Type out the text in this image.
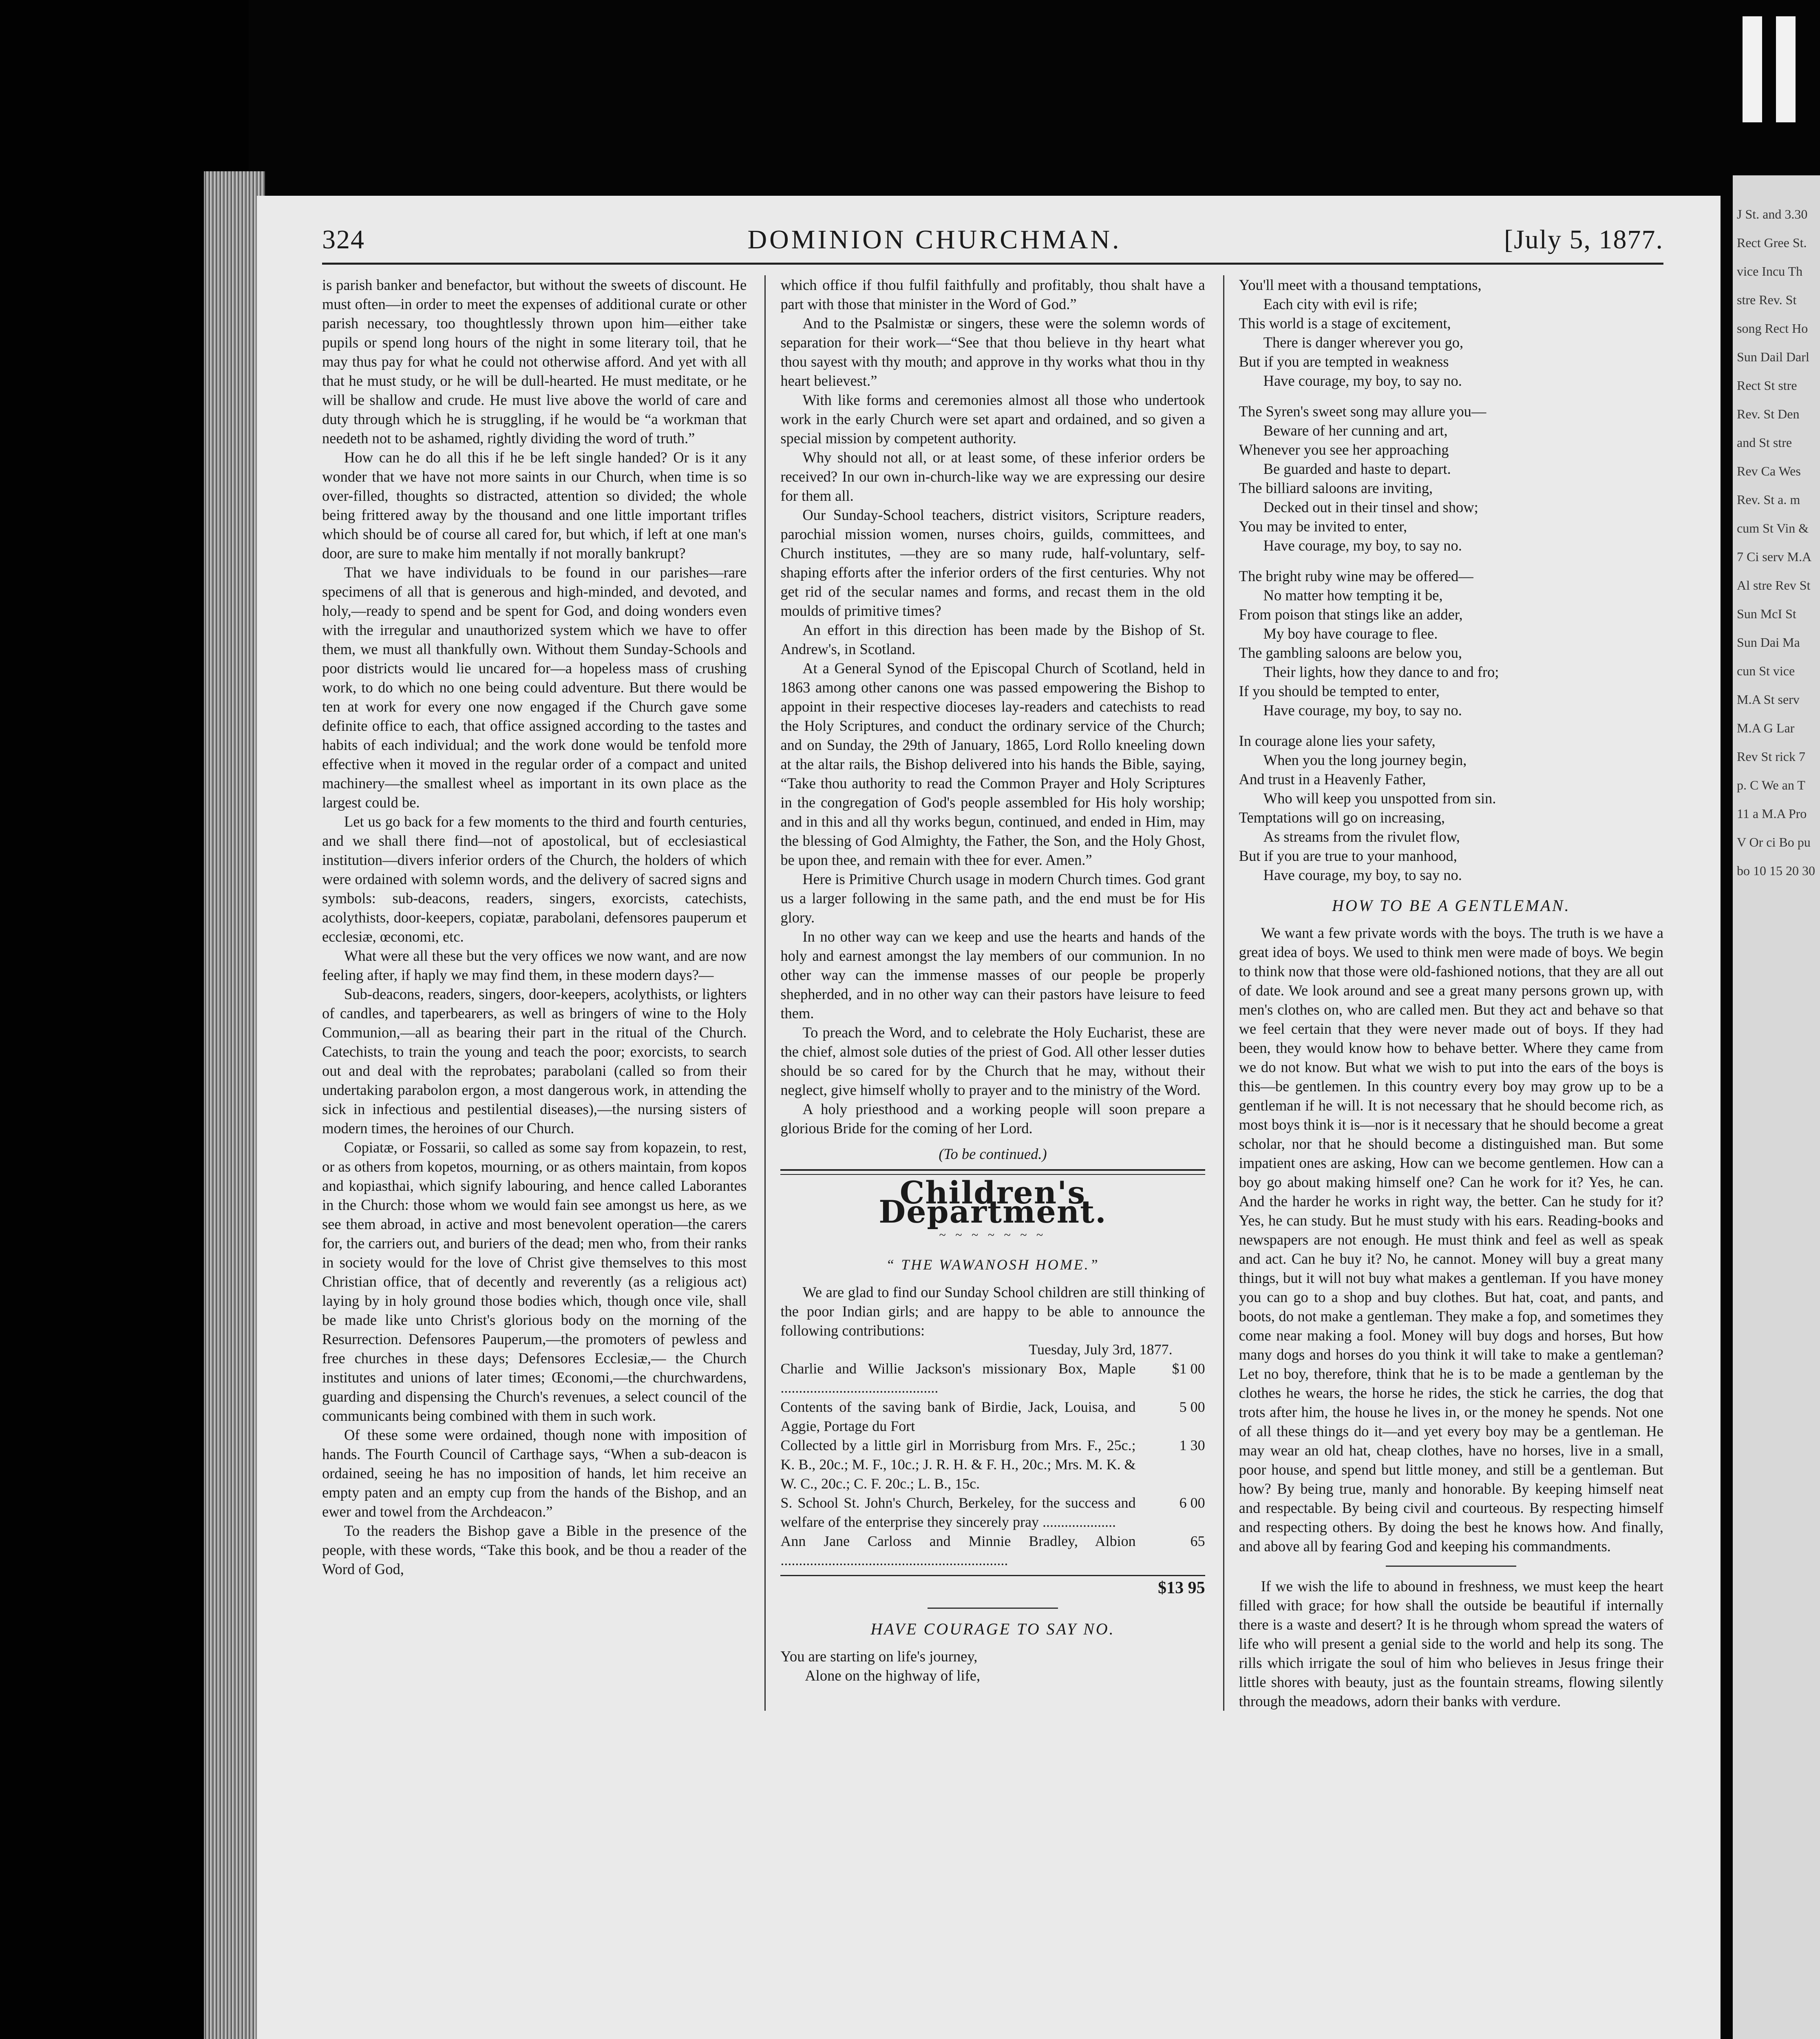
J St. and 3.30 Rect Gree St. vice Incu Th stre Rev. St song Rect Ho Sun Dail Darl Rect St stre Rev. St Den and St stre Rev Ca Wes Rev. St a. m cum St Vin & 7 Ci serv M.A Al stre Rev St Sun McI St Sun Dai Ma cun St vice M.A St serv M.A G Lar Rev St rick 7 p. C We an T 11 a M.A Pro V Or ci Bo pu bo 10 15 20 30
324	DOMINION CHURCHMAN.	[July 5, 1877.

is parish banker and benefactor, but without the sweets of discount. He must often—in order to meet the expenses of additional curate or other parish necessary, too thoughtlessly thrown upon him—either take pupils or spend long hours of the night in some literary toil, that he may thus pay for what he could not otherwise afford. And yet with all that he must study, or he will be dull-hearted. He must meditate, or he will be shallow and crude. He must live above the world of care and duty through which he is struggling, if he would be “a workman that needeth not to be ashamed, rightly dividing the word of truth.”

How can he do all this if he be left single handed? Or is it any wonder that we have not more saints in our Church, when time is so over-filled, thoughts so distracted, attention so divided; the whole being frittered away by the thousand and one little important trifles which should be of course all cared for, but which, if left at one man's door, are sure to make him mentally if not morally bankrupt?

That we have individuals to be found in our parishes—rare specimens of all that is generous and high-minded, and devoted, and holy,—ready to spend and be spent for God, and doing wonders even with the irregular and unauthorized system which we have to offer them, we must all thankfully own. Without them Sunday-Schools and poor districts would lie uncared for—a hopeless mass of crushing work, to do which no one being could adventure. But there would be ten at work for every one now engaged if the Church gave some definite office to each, that office assigned according to the tastes and habits of each individual; and the work done would be tenfold more effective when it moved in the regular order of a compact and united machinery—the smallest wheel as important in its own place as the largest could be.

Let us go back for a few moments to the third and fourth centuries, and we shall there find—not of apostolical, but of ecclesiastical institution—divers inferior orders of the Church, the holders of which were ordained with solemn words, and the delivery of sacred signs and symbols: sub-deacons, readers, singers, exorcists, catechists, acolythists, door-keepers, copiatæ, parabolani, defensores pauperum et ecclesiæ, œconomi, etc.

What were all these but the very offices we now want, and are now feeling after, if haply we may find them, in these modern days?—

Sub-deacons, readers, singers, door-keepers, acolythists, or lighters of candles, and taperbearers, as well as bringers of wine to the Holy Communion,—all as bearing their part in the ritual of the Church. Catechists, to train the young and teach the poor; exorcists, to search out and deal with the reprobates; parabolani (called so from their undertaking parabolon ergon, a most dangerous work, in attending the sick in infectious and pestilential diseases),—the nursing sisters of modern times, the heroines of our Church.

Copiatæ, or Fossarii, so called as some say from kopazein, to rest, or as others from kopetos, mourning, or as others maintain, from kopos and kopiasthai, which signify labouring, and hence called Laborantes in the Church: those whom we would fain see amongst us here, as we see them abroad, in active and most benevolent operation—the carers for, the carriers out, and buriers of the dead; men who, from their ranks in society would for the love of Christ give themselves to this most Christian office, that of decently and reverently (as a religious act) laying by in holy ground those bodies which, though once vile, shall be made like unto Christ's glorious body on the morning of the Resurrection. Defensores Pauperum,—the promoters of pewless and free churches in these days; Defensores Ecclesiæ,— the Church institutes and unions of later times; Œconomi,—the churchwardens, guarding and dispensing the Church's revenues, a select council of the communicants being combined with them in such work.

Of these some were ordained, though none with imposition of hands. The Fourth Council of Carthage says, “When a sub-deacon is ordained, seeing he has no imposition of hands, let him receive an empty paten and an empty cup from the hands of the Bishop, and an ewer and towel from the Archdeacon.”

To the readers the Bishop gave a Bible in the presence of the people, with these words, “Take this book, and be thou a reader of the Word of God,

which office if thou fulfil faithfully and profitably, thou shalt have a part with those that minister in the Word of God.”

And to the Psalmistæ or singers, these were the solemn words of separation for their work—“See that thou believe in thy heart what thou sayest with thy mouth; and approve in thy works what thou in thy heart believest.”

With like forms and ceremonies almost all those who undertook work in the early Church were set apart and ordained, and so given a special mission by competent authority.

Why should not all, or at least some, of these inferior orders be received? In our own in-church-like way we are expressing our desire for them all.

Our Sunday-School teachers, district visitors, Scripture readers, parochial mission women, nurses choirs, guilds, committees, and Church institutes, —they are so many rude, half-voluntary, self-shaping efforts after the inferior orders of the first centuries. Why not get rid of the secular names and forms, and recast them in the old moulds of primitive times?

An effort in this direction has been made by the Bishop of St. Andrew's, in Scotland.

At a General Synod of the Episcopal Church of Scotland, held in 1863 among other canons one was passed empowering the Bishop to appoint in their respective dioceses lay-readers and catechists to read the Holy Scriptures, and conduct the ordinary service of the Church; and on Sunday, the 29th of January, 1865, Lord Rollo kneeling down at the altar rails, the Bishop delivered into his hands the Bible, saying, “Take thou authority to read the Common Prayer and Holy Scriptures in the congregation of God's people assembled for His holy worship; and in this and all thy works begun, continued, and ended in Him, may the blessing of God Almighty, the Father, the Son, and the Holy Ghost, be upon thee, and remain with thee for ever. Amen.”

Here is Primitive Church usage in modern Church times. God grant us a larger following in the same path, and the end must be for His glory.

In no other way can we keep and use the hearts and hands of the holy and earnest amongst the lay members of our communion. In no other way can the immense masses of our people be properly shepherded, and in no other way can their pastors have leisure to feed them.

To preach the Word, and to celebrate the Holy Eucharist, these are the chief, almost sole duties of the priest of God. All other lesser duties should be so cared for by the Church that he may, without their neglect, give himself wholly to prayer and to the ministry of the Word.

A holy priesthood and a working people will soon prepare a glorious Bride for the coming of her Lord.

(To be continued.)
Children's Department.
~ ~ ~ ~ ~ ~ ~
“ THE WAWANOSH HOME.”

We are glad to find our Sunday School children are still thinking of the poor Indian girls; and are happy to be able to announce the following contributions:

Tuesday, July 3rd, 1877.
Charlie and Willie Jackson's missionary Box, Maple ...........................................
$1 00
Contents of the saving bank of Birdie, Jack, Louisa, and Aggie, Portage du Fort
5 00
Collected by a little girl in Morrisburg from Mrs. F., 25c.; K. B., 20c.; M. F., 10c.; J. R. H. & F. H., 20c.; Mrs. M. K. & W. C., 20c.; C. F. 20c.; L. B., 15c.
1 30
S. School St. John's Church, Berkeley, for the success and welfare of the enterprise they sincerely pray ....................
6 00
Ann Jane Carloss and Minnie Bradley, Albion ..............................................................
65
$13 95
HAVE COURAGE TO SAY NO.
You are starting on life's journey,
Alone on the highway of life,
You'll meet with a thousand temptations,
Each city with evil is rife;
This world is a stage of excitement,
There is danger wherever you go,
But if you are tempted in weakness
Have courage, my boy, to say no.
The Syren's sweet song may allure you—
Beware of her cunning and art,
Whenever you see her approaching
Be guarded and haste to depart.
The billiard saloons are inviting,
Decked out in their tinsel and show;
You may be invited to enter,
Have courage, my boy, to say no.
The bright ruby wine may be offered—
No matter how tempting it be,
From poison that stings like an adder,
My boy have courage to flee.
The gambling saloons are below you,
Their lights, how they dance to and fro;
If you should be tempted to enter,
Have courage, my boy, to say no.
In courage alone lies your safety,
When you the long journey begin,
And trust in a Heavenly Father,
Who will keep you unspotted from sin.
Temptations will go on increasing,
As streams from the rivulet flow,
But if you are true to your manhood,
Have courage, my boy, to say no.
HOW TO BE A GENTLEMAN.

We want a few private words with the boys. The truth is we have a great idea of boys. We used to think men were made of boys. We begin to think now that those were old-fashioned notions, that they are all out of date. We look around and see a great many persons grown up, with men's clothes on, who are called men. But they act and behave so that we feel certain that they were never made out of boys. If they had been, they would know how to behave better. Where they came from we do not know. But what we wish to put into the ears of the boys is this—be gentlemen. In this country every boy may grow up to be a gentleman if he will. It is not necessary that he should become rich, as most boys think it is—nor is it necessary that he should become a great scholar, nor that he should become a distinguished man. But some impatient ones are asking, How can we become gentlemen. How can a boy go about making himself one? Can he work for it? Yes, he can. And the harder he works in right way, the better. Can he study for it? Yes, he can study. But he must study with his ears. Reading-books and newspapers are not enough. He must think and feel as well as speak and act. Can he buy it? No, he cannot. Money will buy a great many things, but it will not buy what makes a gentleman. If you have money you can go to a shop and buy clothes. But hat, coat, and pants, and boots, do not make a gentleman. They make a fop, and sometimes they come near making a fool. Money will buy dogs and horses, But how many dogs and horses do you think it will take to make a gentleman? Let no boy, therefore, think that he is to be made a gentleman by the clothes he wears, the horse he rides, the stick he carries, the dog that trots after him, the house he lives in, or the money he spends. Not one of all these things do it—and yet every boy may be a gentleman. He may wear an old hat, cheap clothes, have no horses, live in a small, poor house, and spend but little money, and still be a gentleman. But how? By being true, manly and honorable. By keeping himself neat and respectable. By being civil and courteous. By respecting himself and respecting others. By doing the best he knows how. And finally, and above all by fearing God and keeping his commandments.

If we wish the life to abound in freshness, we must keep the heart filled with grace; for how shall the outside be beautiful if internally there is a waste and desert? It is he through whom spread the waters of life who will present a genial side to the world and help its song. The rills which irrigate the soul of him who believes in Jesus fringe their little shores with beauty, just as the fountain streams, flowing silently through the meadows, adorn their banks with verdure.
